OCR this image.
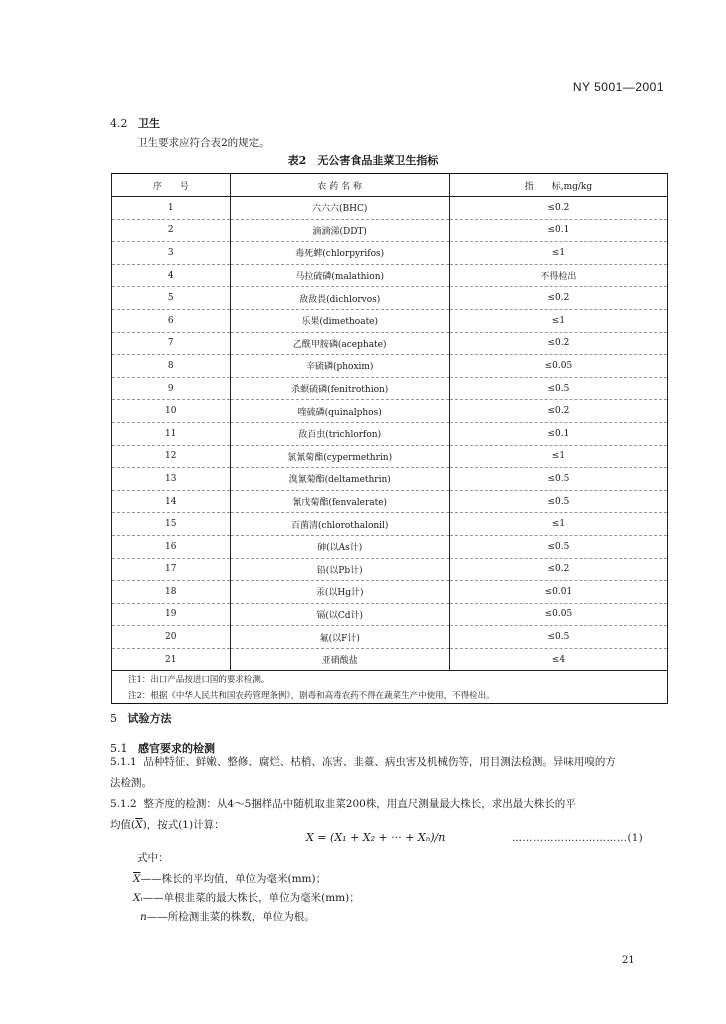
NY 5001—2001
4.2 卫生
卫生要求应符合表2的规定。
表2　无公害食品韭菜卫生指标
序　　号	农 药 名 称	指　　标,mg/kg
1	六六六(BHC)	≤0.2
2	滴滴涕(DDT)	≤0.1
3	毒死蜱(chlorpyrifos)	≤1
4	马拉硫磷(malathion)	不得检出
5	敌敌畏(dichlorvos)	≤0.2
6	乐果(dimethoate)	≤1
7	乙酰甲胺磷(acephate)	≤0.2
8	辛硫磷(phoxim)	≤0.05
9	杀螟硫磷(fenitrothion)	≤0.5
10	喹硫磷(quinalphos)	≤0.2
11	敌百虫(trichlorfon)	≤0.1
12	氯氰菊酯(cypermethrin)	≤1
13	溴氰菊酯(deltamethrin)	≤0.5
14	氰戊菊酯(fenvalerate)	≤0.5
15	百菌清(chlorothalonil)	≤1
16	砷(以As计)	≤0.5
17	铅(以Pb计)	≤0.2
18	汞(以Hg计)	≤0.01
19	镉(以Cd计)	≤0.05
20	氟(以F计)	≤0.5
21	亚硝酸盐	≤4
注1：出口产品按进口国的要求检测。		
注2：根据《中华人民共和国农药管理条例》，剧毒和高毒农药不得在蔬菜生产中使用，不得检出。		
5 试验方法
5.1 感官要求的检测
5.1.1 品种特征、鲜嫩、整修、腐烂、枯梢、冻害、韭薹、病虫害及机械伤等，用目测法检测。异味用嗅的方
法检测。
5.1.2 整齐度的检测：从4～5捆样品中随机取韭菜200株，用直尺测量最大株长，求出最大株长的平
均值$(\overline{X})$，按式(1)计算：
X = (X₁ + X₂ + ··· + Xₙ)/n	……………………………(1)
式中：
$\overline{X}——$株长的平均值，单位为毫米(mm)；
Xᵢ——单根韭菜的最大株长，单位为毫米(mm)；
n——所检测韭菜的株数，单位为根。
21
